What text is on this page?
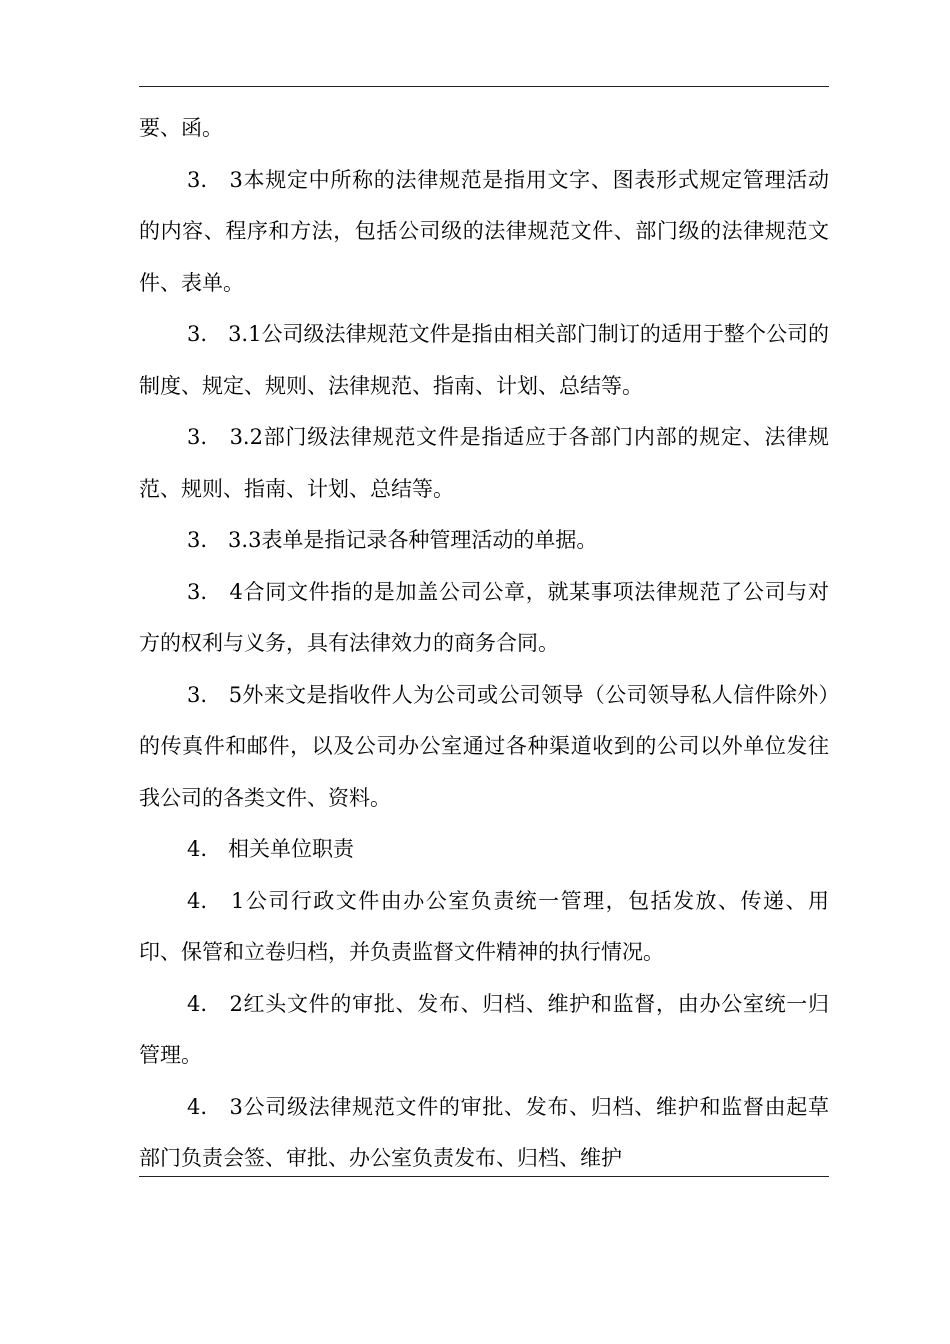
要、函。

3.　3本规定中所称的法律规范是指用文字、图表形式规定管理活动的内容、程序和方法，包括公司级的法律规范文件、部门级的法律规范文件、表单。

3.　3.1公司级法律规范文件是指由相关部门制订的适用于整个公司的制度、规定、规则、法律规范、指南、计划、总结等。

3.　3.2部门级法律规范文件是指适应于各部门内部的规定、法律规范、规则、指南、计划、总结等。

3.　3.3表单是指记录各种管理活动的单据。

3.　4合同文件指的是加盖公司公章，就某事项法律规范了公司与对方的权利与义务，具有法律效力的商务合同。

3.　5外来文是指收件人为公司或公司领导（公司领导私人信件除外）的传真件和邮件，以及公司办公室通过各种渠道收到的公司以外单位发往我公司的各类文件、资料。

4.　相关单位职责

4.　1公司行政文件由办公室负责统一管理，包括发放、传递、用印、保管和立卷归档，并负责监督文件精神的执行情况。

4.　2红头文件的审批、发布、归档、维护和监督，由办公室统一归管理。

4.　3公司级法律规范文件的审批、发布、归档、维护和监督由起草部门负责会签、审批、办公室负责发布、归档、维护
